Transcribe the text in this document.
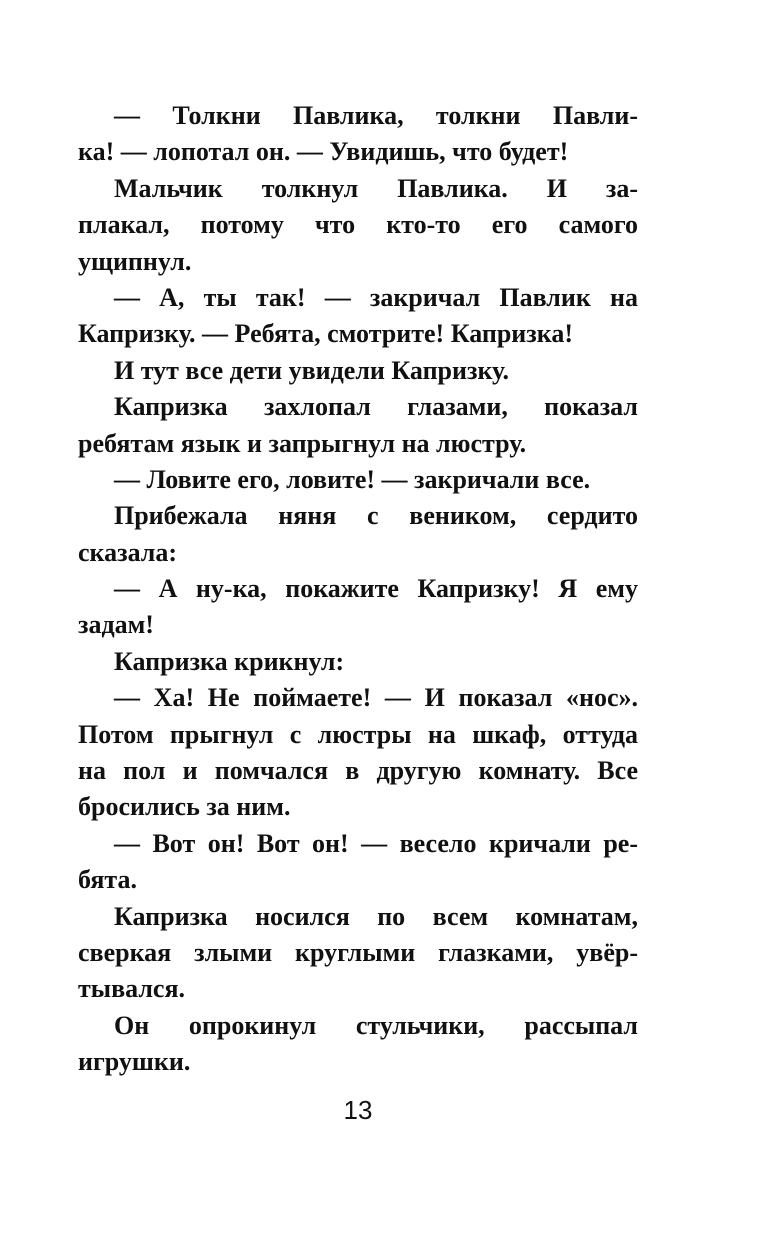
— Толкни Павлика, толкни Павли-
ка! — лопотал он. — Увидишь, что будет!
Мальчик толкнул Павлика. И за-
плакал, потому что кто-то его самого
ущипнул.
— А, ты так! — закричал Павлик на
Капризку. — Ребята, смотрите! Капризка!
И тут все дети увидели Капризку.
Капризка захлопал глазами, показал
ребятам язык и запрыгнул на люстру.
— Ловите его, ловите! — закричали все.
Прибежала няня с веником, сердито
сказала:
— А ну-ка, покажите Капризку! Я ему
задам!
Капризка крикнул:
— Ха! Не поймаете! — И показал «нос».
Потом прыгнул с люстры на шкаф, оттуда
на пол и помчался в другую комнату. Все
бросились за ним.
— Вот он! Вот он! — весело кричали ре-
бята.
Капризка носился по всем комнатам,
сверкая злыми круглыми глазками, увёр-
тывался.
Он опрокинул стульчики, рассыпал
игрушки.
13
